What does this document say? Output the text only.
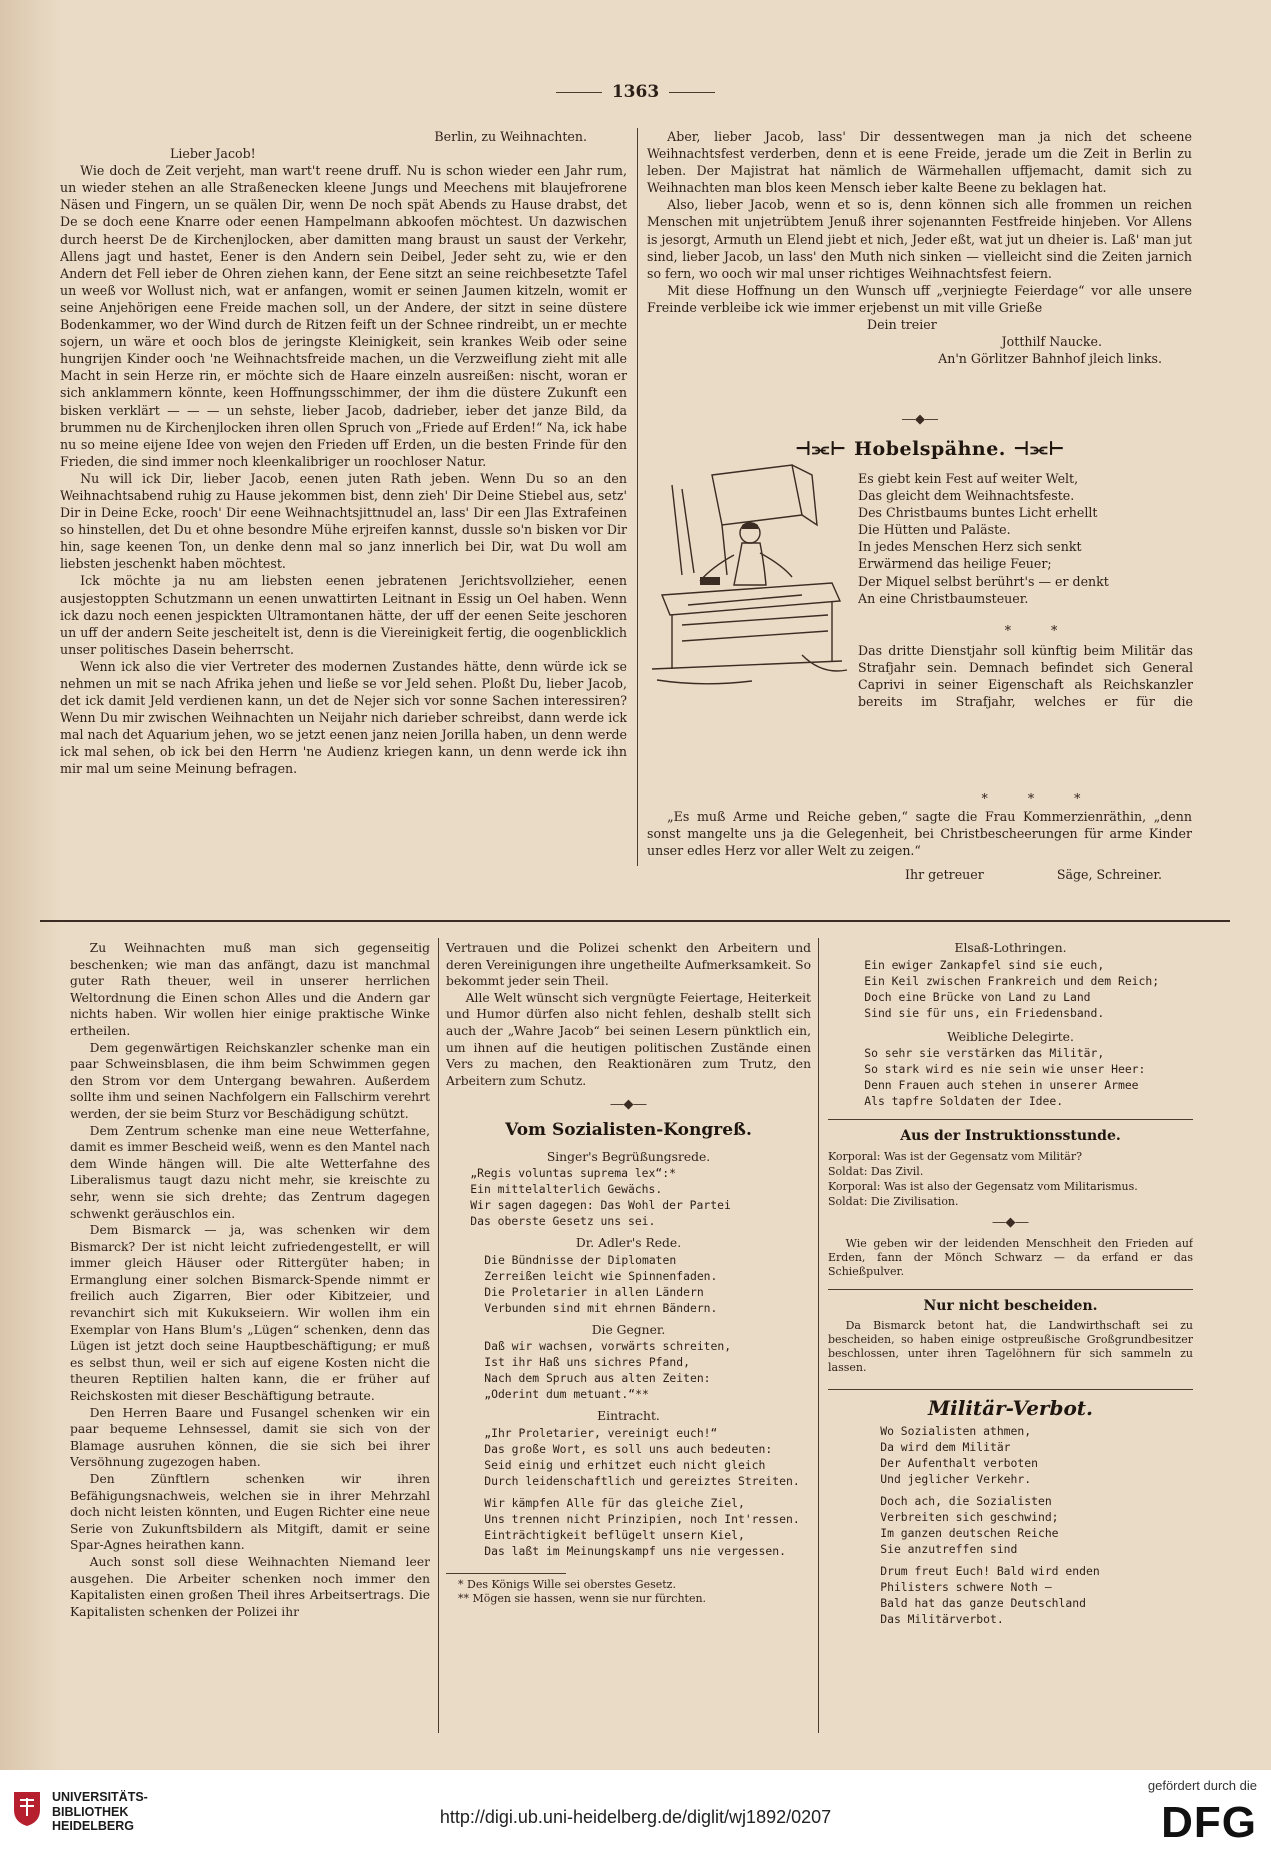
1363

Berlin, zu Weihnachten.

Lieber Jacob!

Wie doch de Zeit verjeht, man wart't reene druff. Nu is schon wieder een Jahr rum, un wieder stehen an alle Straßenecken kleene Jungs und Meechens mit blaujefrorene Näsen und Fingern, un se quälen Dir, wenn De noch spät Abends zu Hause drabst, det De se doch eene Knarre oder eenen Hampelmann abkoofen möchtest. Un dazwischen durch heerst De de Kirchenjlocken, aber damitten mang braust un saust der Verkehr, Allens jagt und hastet, Eener is den Andern sein Deibel, Jeder seht zu, wie er den Andern det Fell ieber de Ohren ziehen kann, der Eene sitzt an seine reichbesetzte Tafel un weeß vor Wollust nich, wat er anfangen, womit er seinen Jaumen kitzeln, womit er seine Anjehörigen eene Freide machen soll, un der Andere, der sitzt in seine düstere Bodenkammer, wo der Wind durch de Ritzen feift un der Schnee rindreibt, un er mechte sojern, un wäre et ooch blos de jeringste Kleinigkeit, sein krankes Weib oder seine hungrijen Kinder ooch 'ne Weihnachtsfreide machen, un die Verzweiflung zieht mit alle Macht in sein Herze rin, er möchte sich de Haare einzeln ausreißen: nischt, woran er sich anklammern könnte, keen Hoffnungsschimmer, der ihm die düstere Zukunft een bisken verklärt — — — un sehste, lieber Jacob, dadrieber, ieber det janze Bild, da brummen nu de Kirchenjlocken ihren ollen Spruch von „Friede auf Erden!“ Na, ick habe nu so meine eijene Idee von wejen den Frieden uff Erden, un die besten Frinde für den Frieden, die sind immer noch kleenkalibriger un roochloser Natur.

Nu will ick Dir, lieber Jacob, eenen juten Rath jeben. Wenn Du so an den Weihnachtsabend ruhig zu Hause jekommen bist, denn zieh' Dir Deine Stiebel aus, setz' Dir in Deine Ecke, rooch' Dir eene Weihnachtsjittnudel an, lass' Dir een Jlas Extrafeinen so hinstellen, det Du et ohne besondre Mühe erjreifen kannst, dussle so'n bisken vor Dir hin, sage keenen Ton, un denke denn mal so janz innerlich bei Dir, wat Du woll am liebsten jeschenkt haben möchtest.

Ick möchte ja nu am liebsten eenen jebratenen Jerichtsvollzieher, eenen ausjestoppten Schutzmann un eenen unwattirten Leitnant in Essig un Oel haben. Wenn ick dazu noch eenen jespickten Ultramontanen hätte, der uff der eenen Seite jeschoren un uff der andern Seite jescheitelt ist, denn is die Viereinigkeit fertig, die oogenblicklich unser politisches Dasein beherrscht.

Wenn ick also die vier Vertreter des modernen Zustandes hätte, denn würde ick se nehmen un mit se nach Afrika jehen und ließe se vor Jeld sehen. Ploßt Du, lieber Jacob, det ick damit Jeld verdienen kann, un det de Nejer sich vor sonne Sachen interessiren? Wenn Du mir zwischen Weihnachten un Neijahr nich darieber schreibst, dann werde ick mal nach det Aquarium jehen, wo se jetzt eenen janz neien Jorilla haben, un denn werde ick mal sehen, ob ick bei den Herrn 'ne Audienz kriegen kann, un denn werde ick ihn mir mal um seine Meinung befragen.

Aber, lieber Jacob, lass' Dir dessentwegen man ja nich det scheene Weihnachtsfest verderben, denn et is eene Freide, jerade um die Zeit in Berlin zu leben. Der Majistrat hat nämlich de Wärmehallen uffjemacht, damit sich zu Weihnachten man blos keen Mensch ieber kalte Beene zu beklagen hat.

Also, lieber Jacob, wenn et so is, denn können sich alle frommen un reichen Menschen mit unjetrübtem Jenuß ihrer sojenannten Festfreide hinjeben. Vor Allens is jesorgt, Armuth un Elend jiebt et nich, Jeder eßt, wat jut un dheier is. Laß' man jut sind, lieber Jacob, un lass' den Muth nich sinken — vielleicht sind die Zeiten jarnich so fern, wo ooch wir mal unser richtiges Weihnachtsfest feiern.

Mit diese Hoffnung un den Wunsch uff „verjniegte Feierdage“ vor alle unsere Freinde verbleibe ick wie immer erjebenst un mit ville Grieße

Dein treier

Jotthilf Naucke.

An'n Görlitzer Bahnhof jleich links.

―◆―
⊣⫘⊢ Hobelspähne. ⊣⫘⊢

Es giebt kein Fest auf weiter Welt,

Das gleicht dem Weihnachtsfeste.

Des Christbaums buntes Licht erhellt

Die Hütten und Paläste.

In jedes Menschen Herz sich senkt

Erwärmend das heilige Feuer;

Der Miquel selbst berührt's — er denkt

An eine Christbaumsteuer.

* *

Das dritte Dienstjahr soll künftig beim Militär das Strafjahr sein. Demnach befindet sich General Caprivi in seiner Eigenschaft als Reichskanzler bereits im Strafjahr, welches er für die

* * *

„Es muß Arme und Reiche geben,“ sagte die Frau Kommerzienräthin, „denn sonst mangelte uns ja die Gelegenheit, bei Christbescheerungen für arme Kinder unser edles Herz vor aller Welt zu zeigen.“

Ihr getreuer	Säge, Schreiner.

Zu Weihnachten muß man sich gegenseitig beschenken; wie man das anfängt, dazu ist manchmal guter Rath theuer, weil in unserer herrlichen Weltordnung die Einen schon Alles und die Andern gar nichts haben. Wir wollen hier einige praktische Winke ertheilen.

Dem gegenwärtigen Reichskanzler schenke man ein paar Schweinsblasen, die ihm beim Schwimmen gegen den Strom vor dem Untergang bewahren. Außerdem sollte ihm und seinen Nachfolgern ein Fallschirm verehrt werden, der sie beim Sturz vor Beschädigung schützt.

Dem Zentrum schenke man eine neue Wetterfahne, damit es immer Bescheid weiß, wenn es den Mantel nach dem Winde hängen will. Die alte Wetterfahne des Liberalismus taugt dazu nicht mehr, sie kreischte zu sehr, wenn sie sich drehte; das Zentrum dagegen schwenkt geräuschlos ein.

Dem Bismarck — ja, was schenken wir dem Bismarck? Der ist nicht leicht zufriedengestellt, er will immer gleich Häuser oder Rittergüter haben; in Ermanglung einer solchen Bismarck-Spende nimmt er freilich auch Zigarren, Bier oder Kibitzeier, und revanchirt sich mit Kukukseiern. Wir wollen ihm ein Exemplar von Hans Blum's „Lügen“ schenken, denn das Lügen ist jetzt doch seine Hauptbeschäftigung; er muß es selbst thun, weil er sich auf eigene Kosten nicht die theuren Reptilien halten kann, die er früher auf Reichskosten mit dieser Beschäftigung betraute.

Den Herren Baare und Fusangel schenken wir ein paar bequeme Lehnsessel, damit sie sich von der Blamage ausruhen können, die sie sich bei ihrer Versöhnung zugezogen haben.

Den Zünftlern schenken wir ihren Befähigungsnachweis, welchen sie in ihrer Mehrzahl doch nicht leisten könnten, und Eugen Richter eine neue Serie von Zukunftsbildern als Mitgift, damit er seine Spar-Agnes heirathen kann.

Auch sonst soll diese Weihnachten Niemand leer ausgehen. Die Arbeiter schenken noch immer den Kapitalisten einen großen Theil ihres Arbeitsertrags. Die Kapitalisten schenken der Polizei ihr

Vertrauen und die Polizei schenkt den Arbeitern und deren Vereinigungen ihre ungetheilte Aufmerksamkeit. So bekommt jeder sein Theil.

Alle Welt wünscht sich vergnügte Feiertage, Heiterkeit und Humor dürfen also nicht fehlen, deshalb stellt sich auch der „Wahre Jacob“ bei seinen Lesern pünktlich ein, um ihnen auf die heutigen politischen Zustände einen Vers zu machen, den Reaktionären zum Trutz, den Arbeitern zum Schutz.

―◆―
Vom Sozialisten-Kongreß.
Singer's Begrüßungsrede.

„Regis voluntas suprema lex“:*

Ein mittelalterlich Gewächs.

Wir sagen dagegen: Das Wohl der Partei

Das oberste Gesetz uns sei.

Dr. Adler's Rede.

Die Bündnisse der Diplomaten

Zerreißen leicht wie Spinnenfaden.

Die Proletarier in allen Ländern

Verbunden sind mit ehrnen Bändern.

Die Gegner.

Daß wir wachsen, vorwärts schreiten,

Ist ihr Haß uns sichres Pfand,

Nach dem Spruch aus alten Zeiten:

„Oderint dum metuant.“**

Eintracht.

„Ihr Proletarier, vereinigt euch!“

Das große Wort, es soll uns auch bedeuten:

Seid einig und erhitzet euch nicht gleich

Durch leidenschaftlich und gereiztes Streiten.

Wir kämpfen Alle für das gleiche Ziel,

Uns trennen nicht Prinzipien, noch Int'ressen.

Einträchtigkeit beflügelt unsern Kiel,

Das laßt im Meinungskampf uns nie vergessen.

* Des Königs Wille sei oberstes Gesetz.

** Mögen sie hassen, wenn sie nur fürchten.

Elsaß-Lothringen.

Ein ewiger Zankapfel sind sie euch,

Ein Keil zwischen Frankreich und dem Reich;

Doch eine Brücke von Land zu Land

Sind sie für uns, ein Friedensband.

Weibliche Delegirte.

So sehr sie verstärken das Militär,

So stark wird es nie sein wie unser Heer:

Denn Frauen auch stehen in unserer Armee

Als tapfre Soldaten der Idee.

Aus der Instruktionsstunde.

Korporal: Was ist der Gegensatz vom Militär?

Soldat: Das Zivil.

Korporal: Was ist also der Gegensatz vom Militarismus.

Soldat: Die Zivilisation.

―◆―

Wie geben wir der leidenden Menschheit den Frieden auf Erden, fann der Mönch Schwarz — da erfand er das Schießpulver.

Nur nicht bescheiden.

Da Bismarck betont hat, die Landwirthschaft sei zu bescheiden, so haben einige ostpreußische Großgrundbesitzer beschlossen, unter ihren Tagelöhnern für sich sammeln zu lassen.

Militär-Verbot.

Wo Sozialisten athmen,

Da wird dem Militär

Der Aufenthalt verboten

Und jeglicher Verkehr.

Doch ach, die Sozialisten

Verbreiten sich geschwind;

Im ganzen deutschen Reiche

Sie anzutreffen sind

Drum freut Euch! Bald wird enden

Philisters schwere Noth —

Bald hat das ganze Deutschland

Das Militärverbot.

UNIVERSITÄTS-
BIBLIOTHEK
HEIDELBERG	http://digi.ub.uni-heidelberg.de/diglit/wj1892/0207
gefördert durch die
DFG
